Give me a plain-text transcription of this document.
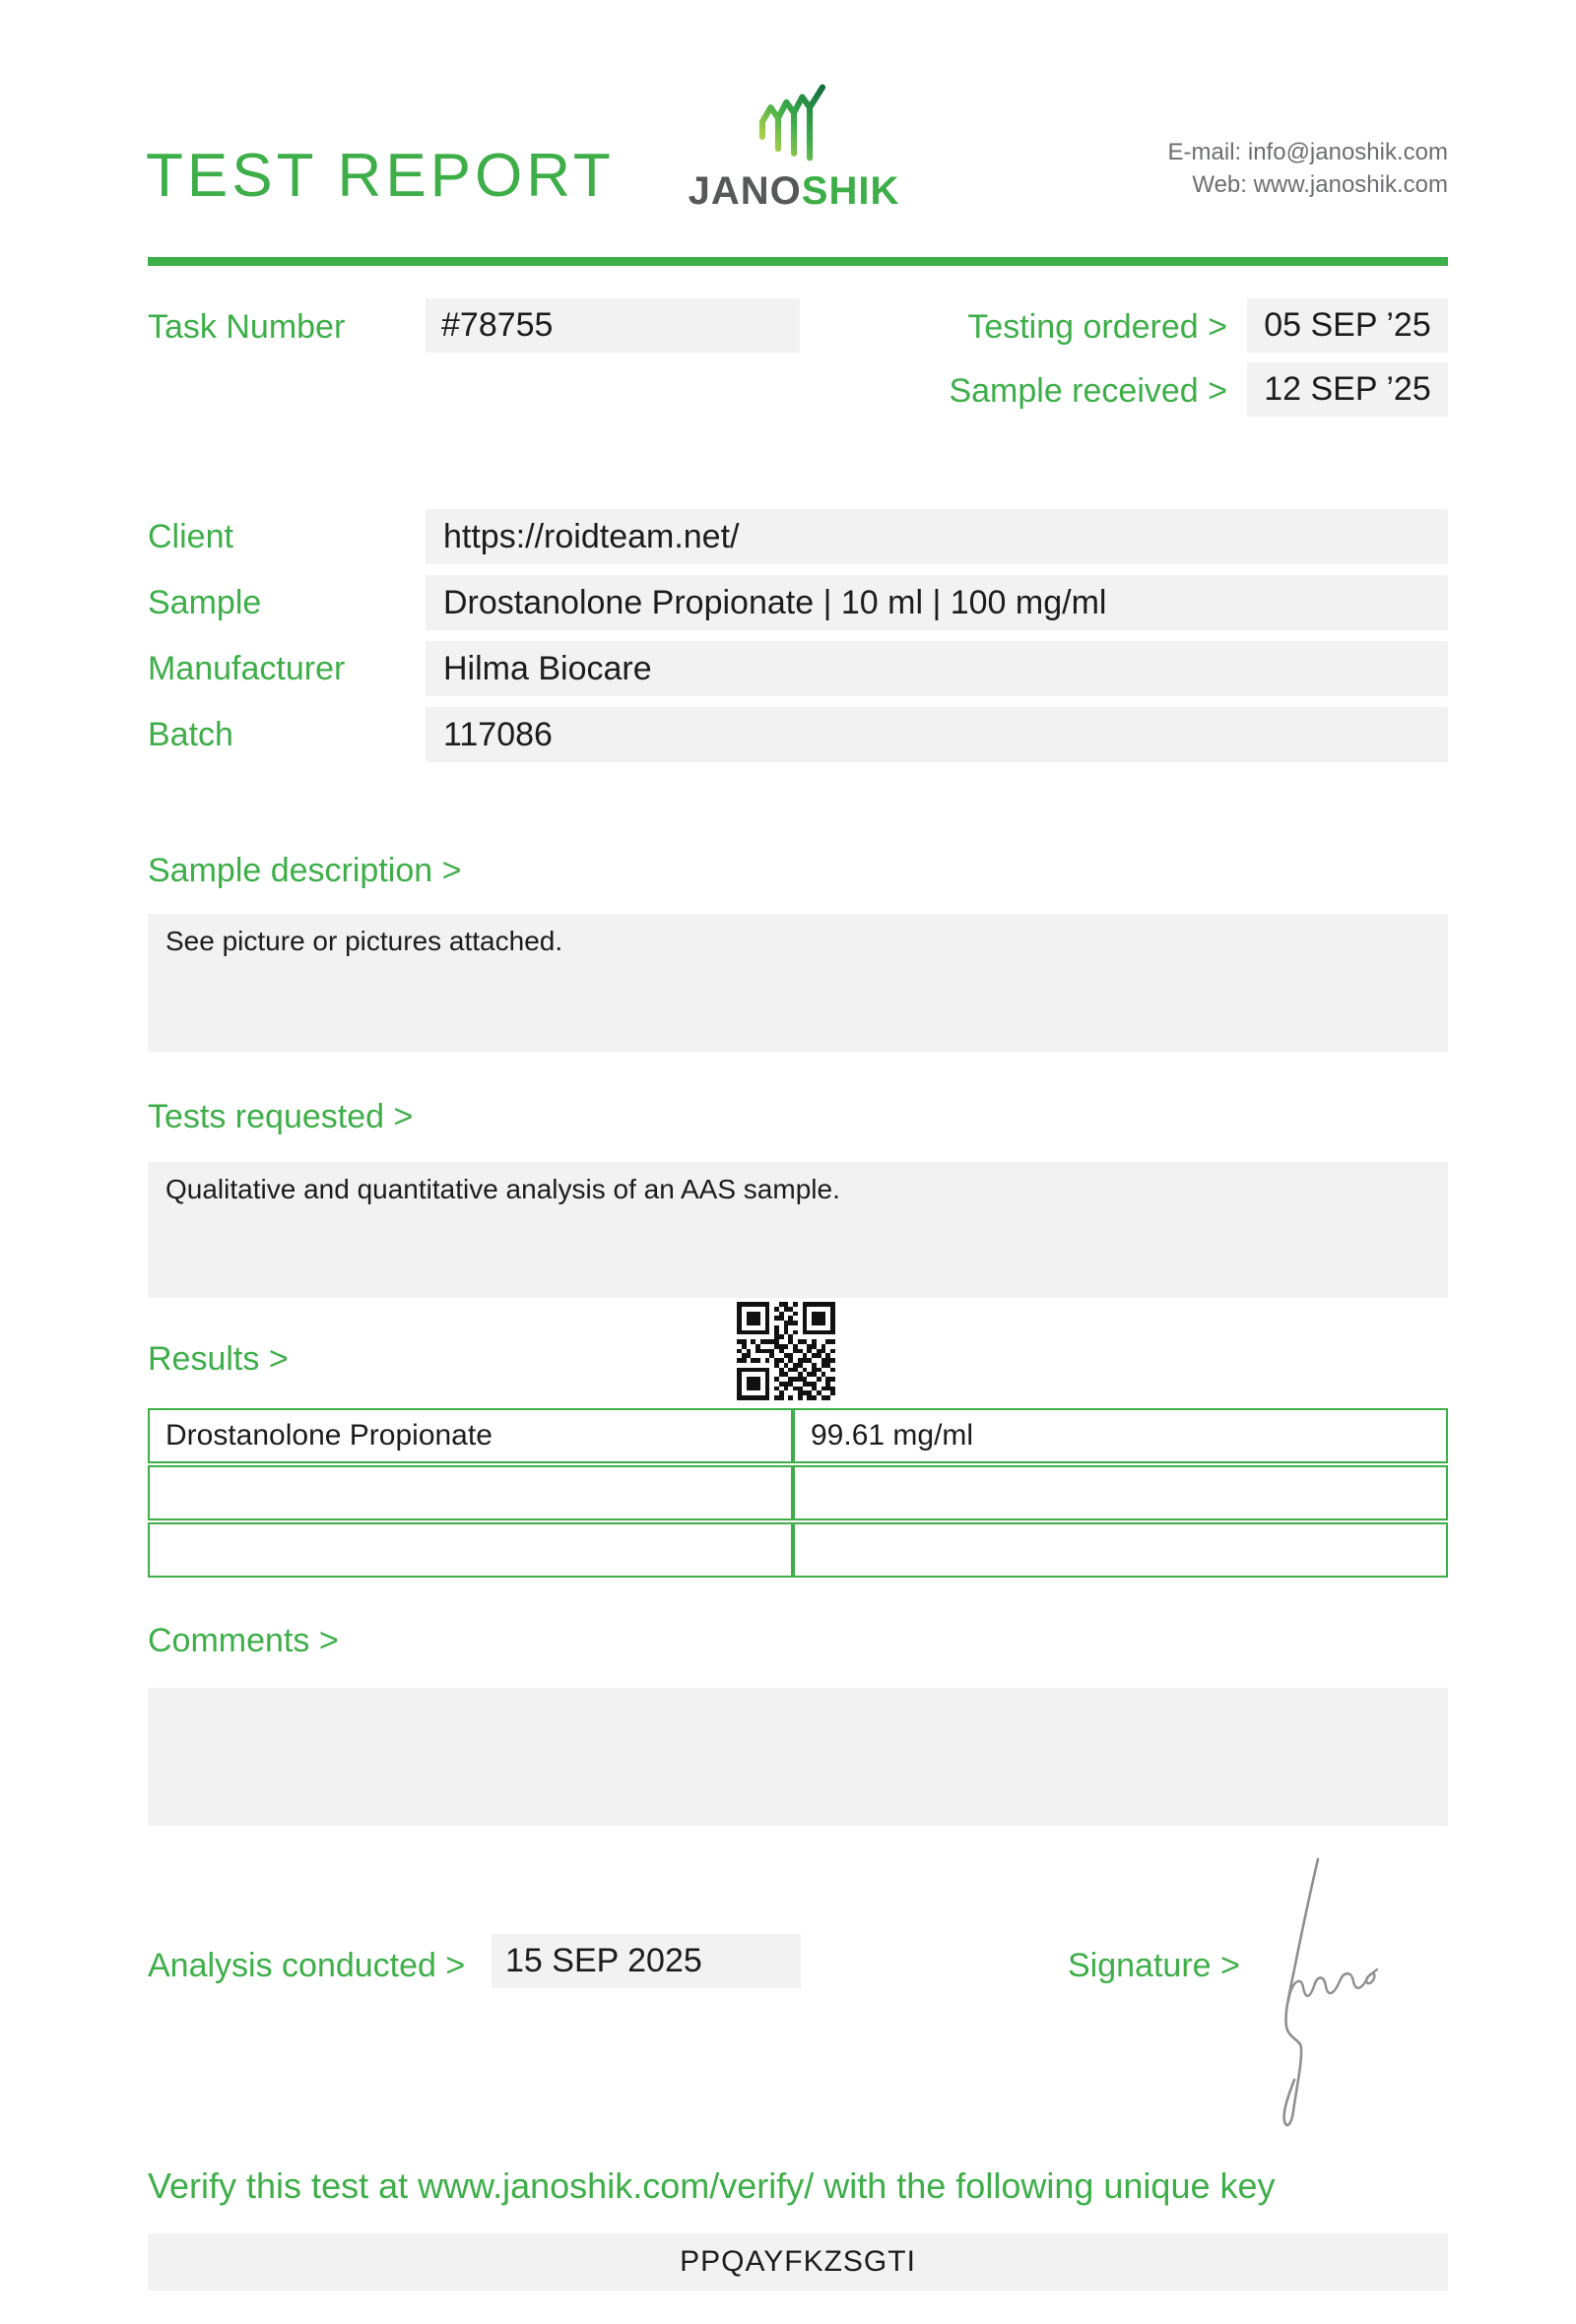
TEST REPORT JANOSHIK
E-mail: info@janoshik.com
Web: www.janoshik.com
Task Number	#78755	Testing ordered >	05 SEP ’25
Sample received >	12 SEP ’25
Client	https://roidteam.net/
Sample	Drostanolone Propionate | 10 ml | 100 mg/ml
Manufacturer	Hilma Biocare
Batch	117086
Sample description >
See picture or pictures attached.
Tests requested >
Qualitative and quantitative analysis of an AAS sample.
Results >
Drostanolone Propionate	99.61 mg/ml

Comments >
Analysis conducted >	15 SEP 2025	Signature >
Verify this test at www.janoshik.com/verify/ with the following unique key
PPQAYFKZSGTI
